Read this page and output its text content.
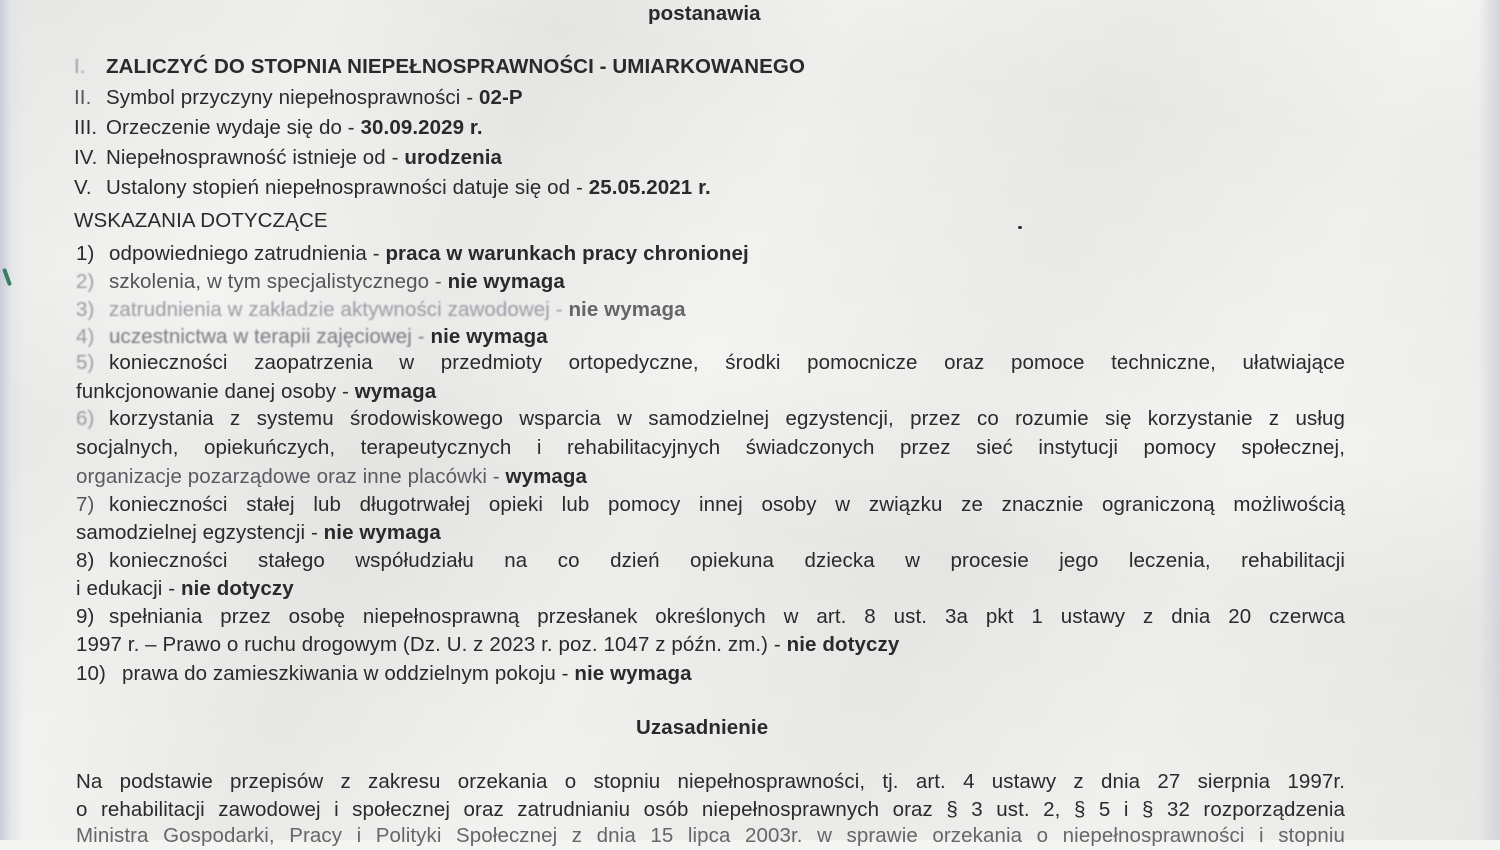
postanawia
I. ZALICZYĆ DO STOPNIA NIEPEŁNOSPRAWNOŚCI - UMIARKOWANEGO
II. Symbol przyczyny niepełnosprawności - 02-P
III. Orzeczenie wydaje się do - 30.09.2029 r.
IV. Niepełnosprawność istnieje od - urodzenia
V. Ustalony stopień niepełnosprawności datuje się od - 25.05.2021 r.
WSKAZANIA DOTYCZĄCE
1) odpowiedniego zatrudnienia - praca w warunkach pracy chronionej
2) szkolenia, w tym specjalistycznego - nie wymaga
3) zatrudnienia w zakładzie aktywności zawodowej - nie wymaga
4) uczestnictwa w terapii zajęciowej - nie wymaga
5) konieczności zaopatrzenia w przedmioty ortopedyczne, środki pomocnicze oraz pomoce techniczne, ułatwiające
funkcjonowanie danej osoby - wymaga
6) korzystania z systemu środowiskowego wsparcia w samodzielnej egzystencji, przez co rozumie się korzystanie z usług
socjalnych, opiekuńczych, terapeutycznych i rehabilitacyjnych świadczonych przez sieć instytucji pomocy społecznej,
organizacje pozarządowe oraz inne placówki - wymaga
7) konieczności stałej lub długotrwałej opieki lub pomocy innej osoby w związku ze znacznie ograniczoną możliwością
samodzielnej egzystencji - nie wymaga
8) konieczności stałego współudziału na co dzień opiekuna dziecka w procesie jego leczenia, rehabilitacji
i edukacji - nie dotyczy
9) spełniania przez osobę niepełnosprawną przesłanek określonych w art. 8 ust. 3a pkt 1 ustawy z dnia 20 czerwca
1997 r. – Prawo o ruchu drogowym (Dz. U. z 2023 r. poz. 1047 z późn. zm.) - nie dotyczy
10) prawa do zamieszkiwania w oddzielnym pokoju - nie wymaga
Uzasadnienie
Na podstawie przepisów z zakresu orzekania o stopniu niepełnosprawności, tj. art. 4 ustawy z dnia 27 sierpnia 1997r.
o rehabilitacji zawodowej i społecznej oraz zatrudnianiu osób niepełnosprawnych oraz § 3 ust. 2, § 5 i § 32 rozporządzenia
Ministra Gospodarki, Pracy i Polityki Społecznej z dnia 15 lipca 2003r. w sprawie orzekania o niepełnosprawności i stopniu
